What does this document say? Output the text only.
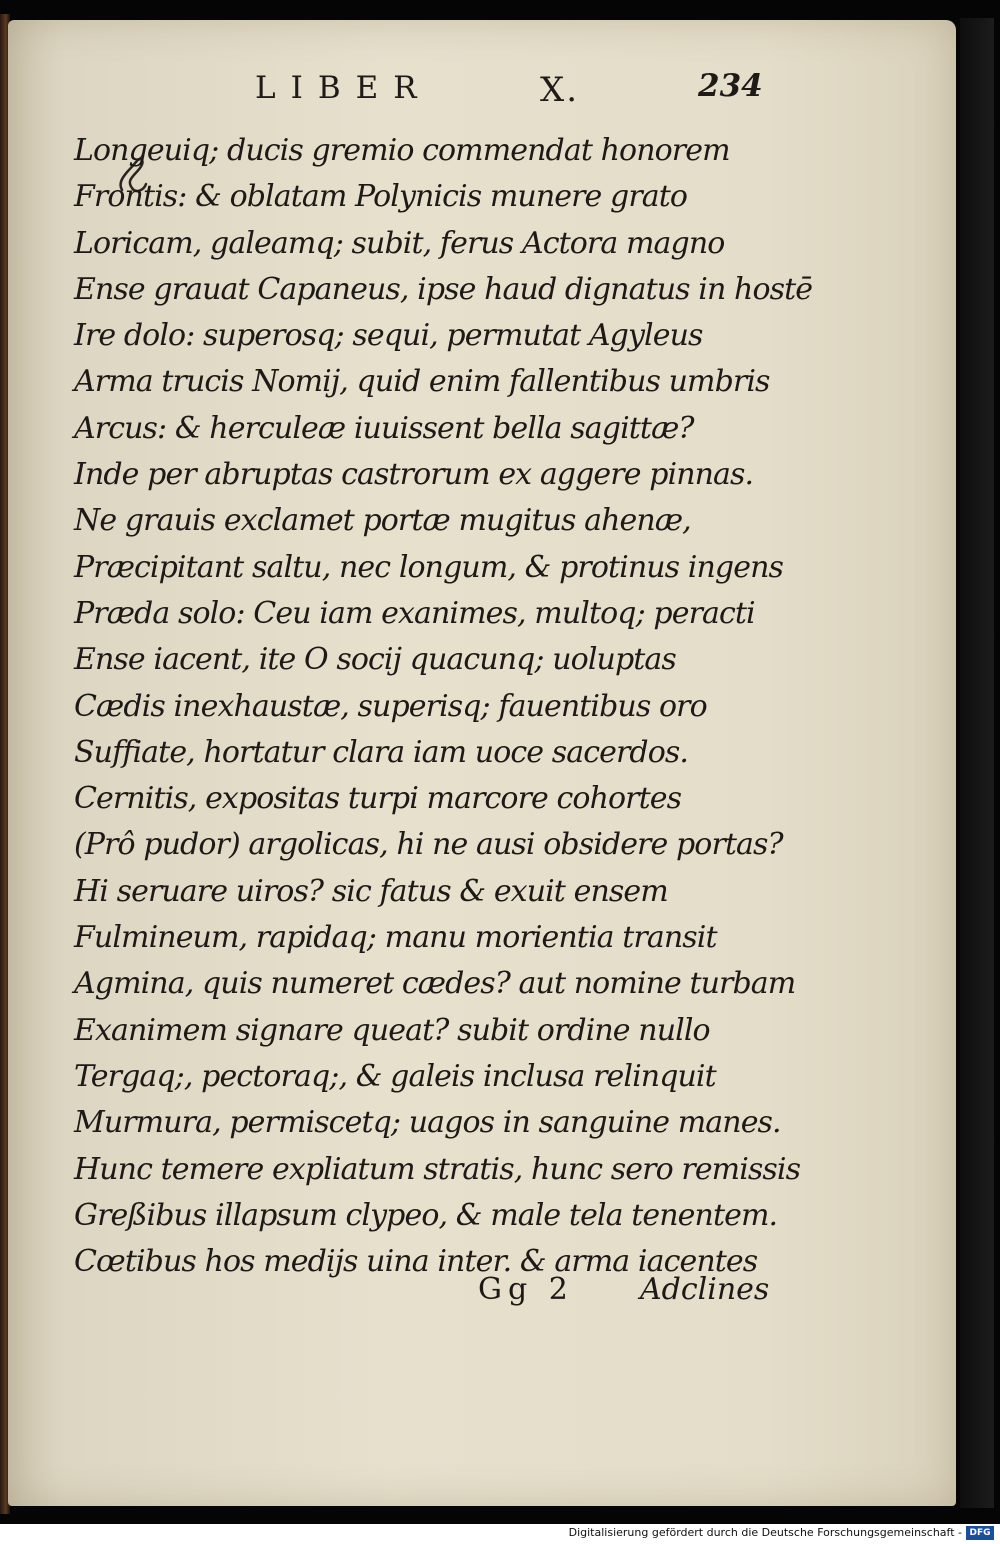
LIBER	X.	234
Longeuiq; ducis gremio commendat honorem
Frontis: & oblatam Polynicis munere grato
Loricam, galeamq; subit, ferus Actora magno
Ense grauat Capaneus, ipse haud dignatus in hostē
Ire dolo: superosq; sequi, permutat Agyleus
Arma trucis Nomij, quid enim fallentibus umbris
Arcus: & herculeæ iuuissent bella sagittæ?
Inde per abruptas castrorum ex aggere pinnas.
Ne grauis exclamet portæ mugitus ahenæ,
Præcipitant saltu, nec longum, & protinus ingens
Præda solo: Ceu iam exanimes, multoq; peracti
Ense iacent, ite O socij quacunq; uoluptas
Cædis inexhaustæ, superisq; fauentibus oro
Suffiate, hortatur clara iam uoce sacerdos.
Cernitis, expositas turpi marcore cohortes
(Prô pudor) argolicas, hi ne ausi obsidere portas?
Hi seruare uiros? sic fatus & exuit ensem
Fulmineum, rapidaq; manu morientia transit
Agmina, quis numeret cædes? aut nomine turbam
Exanimem signare queat? subit ordine nullo
Tergaq;, pectoraq;, & galeis inclusa relinquit
Murmura, permiscetq; uagos in sanguine manes.
Hunc temere expliatum stratis, hunc sero remissis
Greßibus illapsum clypeo, & male tela tenentem.
Cœtibus hos medijs uina inter. & arma iacentes
Gg 2 Adclines
Digitalisierung gefördert durch die Deutsche Forschungsgemeinschaft - DFG
